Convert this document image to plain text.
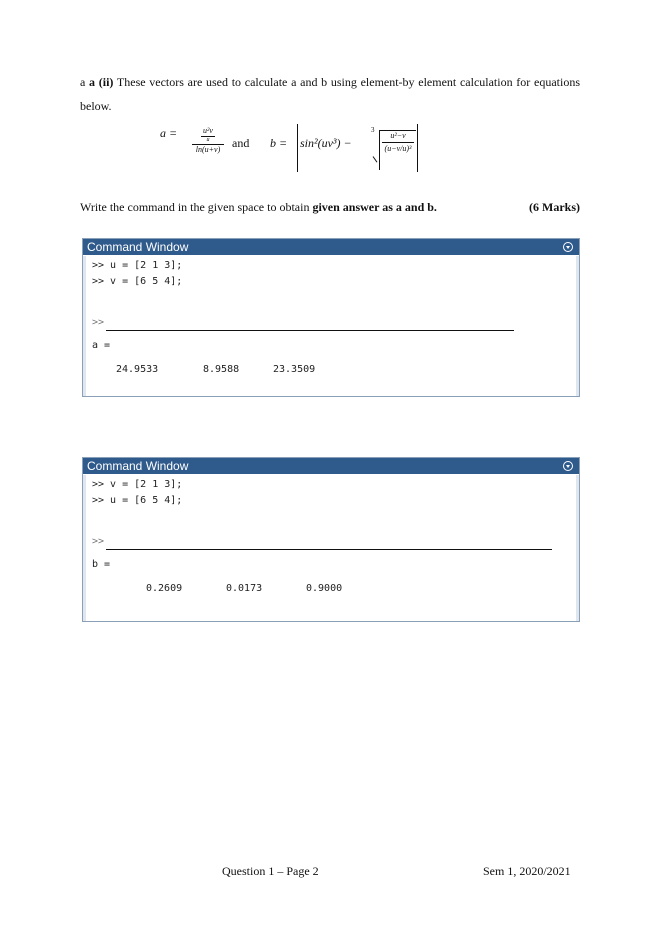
a a (ii) These vectors are used to calculate a and b using element-by element calculation for equations below.
a =	u²v
u
ln(u+v) and b = sin²(uv³) −
3
u²−v
(u−v/u)³
Write the command in the given space to obtain given answer as a and b.	(6 Marks)
Command Window
>> u = [2 1 3];
>> v = [6 5 4];
>>
a =
24.9533	8.9588	23.3509
Command Window
>> v = [2 1 3];
>> u = [6 5 4];
>>
b =
0.2609	0.0173	0.9000
Question 1 – Page 2	Sem 1, 2020/2021
